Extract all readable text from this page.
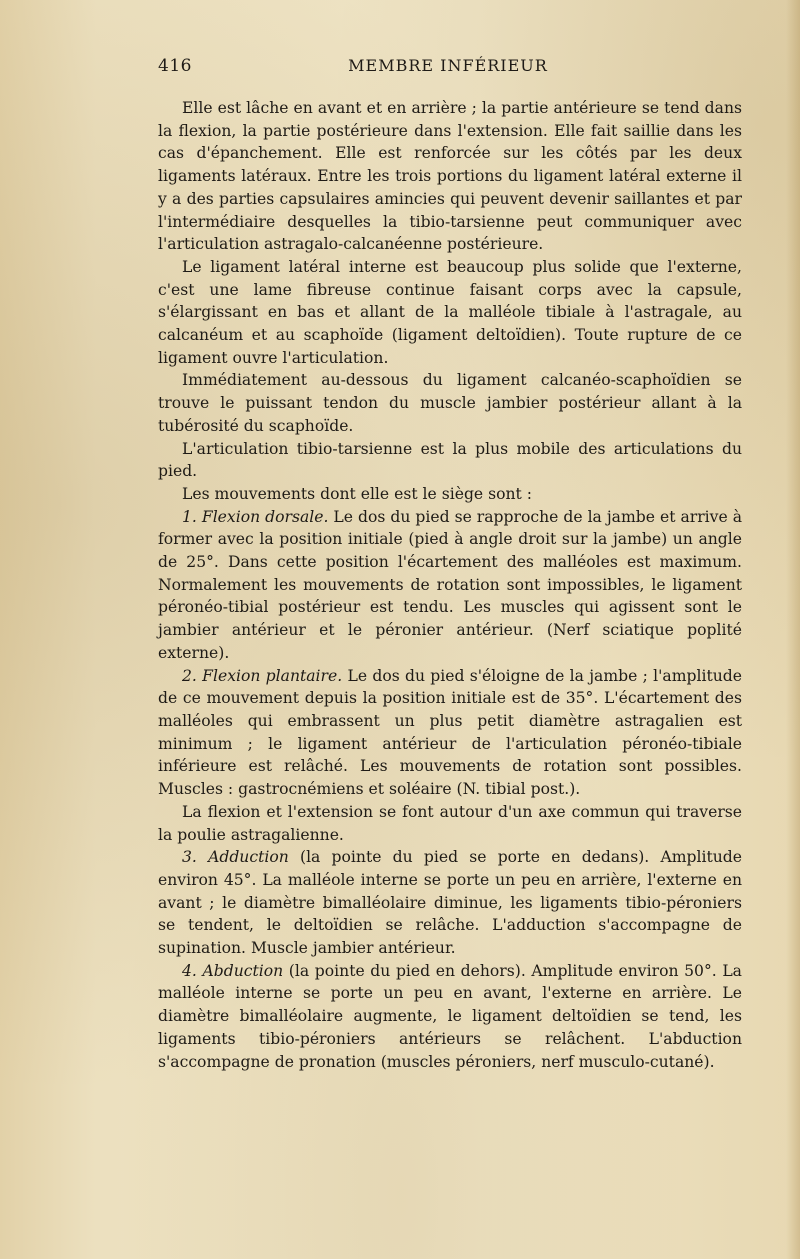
416	MEMBRE INFÉRIEUR

Elle est lâche en avant et en arrière ; la partie antérieure se tend dans la flexion, la partie postérieure dans l'extension. Elle fait saillie dans les cas d'épanchement. Elle est renforcée sur les côtés par les deux ligaments latéraux. Entre les trois portions du ligament latéral externe il y a des parties capsulaires amincies qui peuvent devenir saillantes et par l'intermédiaire desquelles la tibio-tarsienne peut communiquer avec l'articulation astragalo-calcanéenne postérieure.

Le ligament latéral interne est beaucoup plus solide que l'externe, c'est une lame fibreuse continue faisant corps avec la capsule, s'élargissant en bas et allant de la malléole tibiale à l'astragale, au calcanéum et au scaphoïde (ligament deltoïdien). Toute rupture de ce ligament ouvre l'articulation.

Immédiatement au-dessous du ligament calcanéo-scaphoïdien se trouve le puissant tendon du muscle jambier postérieur allant à la tubérosité du scaphoïde.

L'articulation tibio-tarsienne est la plus mobile des articulations du pied.

Les mouvements dont elle est le siège sont :

1. Flexion dorsale. Le dos du pied se rapproche de la jambe et arrive à former avec la position initiale (pied à angle droit sur la jambe) un angle de 25°. Dans cette position l'écartement des malléoles est maximum. Normalement les mouvements de rotation sont impossibles, le ligament péronéo-tibial postérieur est tendu. Les muscles qui agissent sont le jambier antérieur et le péronier antérieur. (Nerf sciatique poplité externe).

2. Flexion plantaire. Le dos du pied s'éloigne de la jambe ; l'amplitude de ce mouvement depuis la position initiale est de 35°. L'écartement des malléoles qui embrassent un plus petit diamètre astragalien est minimum ; le ligament antérieur de l'articulation péronéo-tibiale inférieure est relâché. Les mouvements de rotation sont possibles. Muscles : gastrocnémiens et soléaire (N. tibial post.).

La flexion et l'extension se font autour d'un axe commun qui traverse la poulie astragalienne.

3. Adduction (la pointe du pied se porte en dedans). Amplitude environ 45°. La malléole interne se porte un peu en arrière, l'externe en avant ; le diamètre bimalléolaire diminue, les ligaments tibio-péroniers se tendent, le deltoïdien se relâche. L'adduction s'accompagne de supination. Muscle jambier antérieur.

4. Abduction (la pointe du pied en dehors). Amplitude environ 50°. La malléole interne se porte un peu en avant, l'externe en arrière. Le diamètre bimalléolaire augmente, le ligament deltoïdien se tend, les ligaments tibio-péroniers antérieurs se relâchent. L'abduction s'accompagne de pronation (muscles péroniers, nerf musculo-cutané).
